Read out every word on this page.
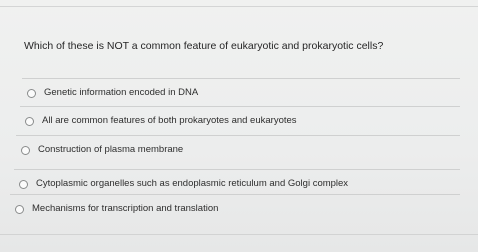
Which of these is NOT a common feature of eukaryotic and prokaryotic cells?
Genetic information encoded in DNA
All are common features of both prokaryotes and eukaryotes
Construction of plasma membrane
Cytoplasmic organelles such as endoplasmic reticulum and Golgi complex
Mechanisms for transcription and translation
